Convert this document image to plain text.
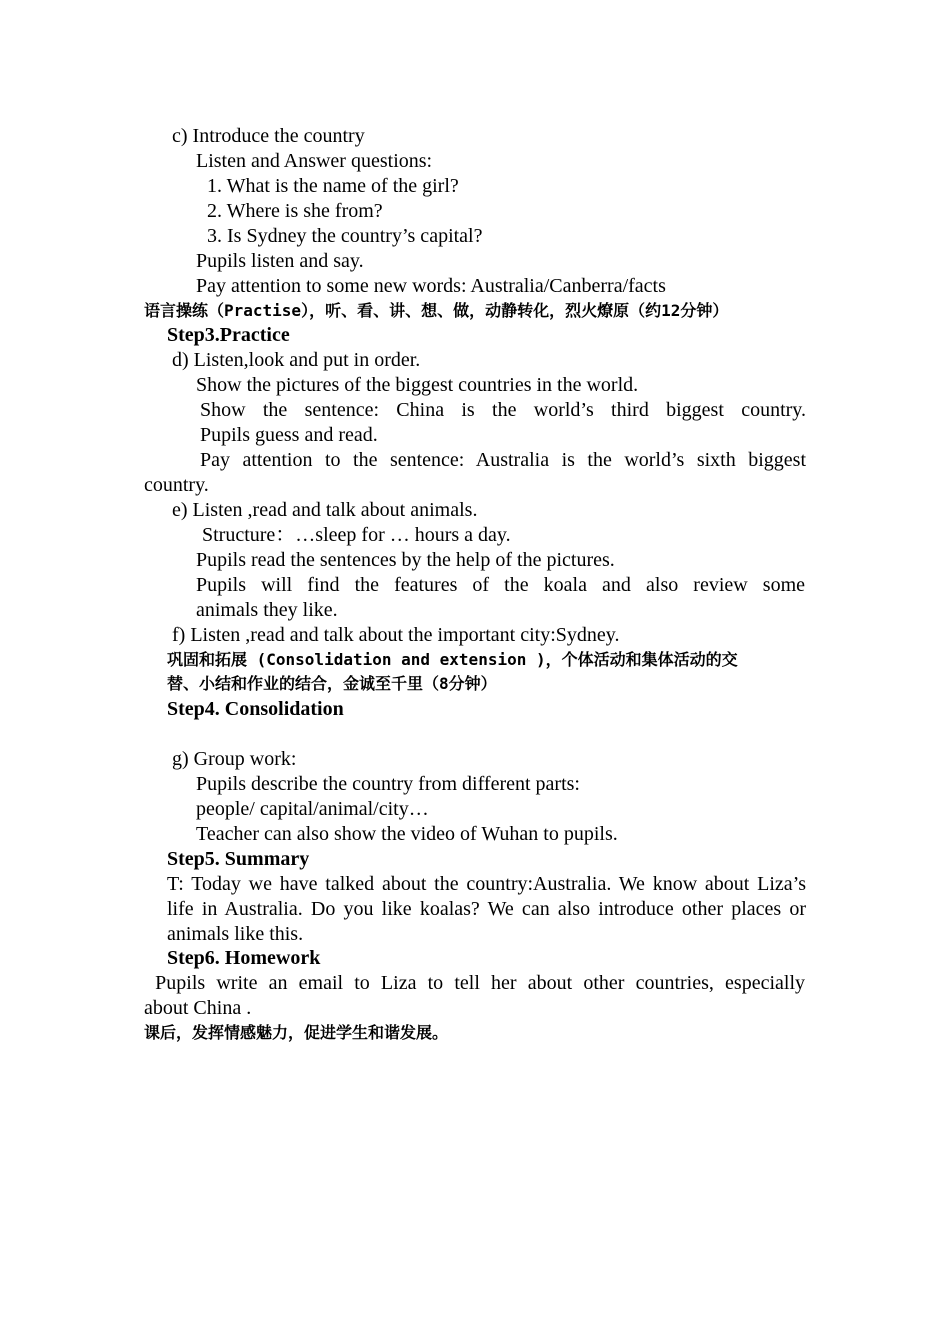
c) Introduce the country
Listen and Answer questions:
1. What is the name of the girl?
2. Where is she from?
3. Is Sydney the country’s capital?
Pupils listen and say.
Pay attention to some new words: Australia/Canberra/facts
语言操练（Practise），听、看、讲、想、做，动静转化，烈火燎原（约12分钟）
Step3.Practice
d) Listen,look and put in order.
Show the pictures of the biggest countries in the world.
Show the sentence: China is the world’s third biggest country.
Pupils guess and read.
Pay attention to the sentence: Australia is the world’s sixth biggest
country.
e) Listen ,read and talk about animals.
Structure：…sleep for … hours a day.
Pupils read the sentences by the help of the pictures.
Pupils will find the features of the koala and also review some
animals they like.
f) Listen ,read and talk about the important city:Sydney.
巩固和拓展 (Consolidation and extension )，个体活动和集体活动的交
替、小结和作业的结合，金诚至千里（8分钟）
Step4. Consolidation
g) Group work:
Pupils describe the country from different parts:
people/ capital/animal/city…
Teacher can also show the video of Wuhan to pupils.
Step5. Summary
T: Today we have talked about the country:Australia. We know about Liza’s life in Australia. Do you like koalas? We can also introduce other places or animals like this.
Step6. Homework
Pupils write an email to Liza to tell her about other countries, especially
about China .
课后，发挥情感魅力，促进学生和谐发展。
